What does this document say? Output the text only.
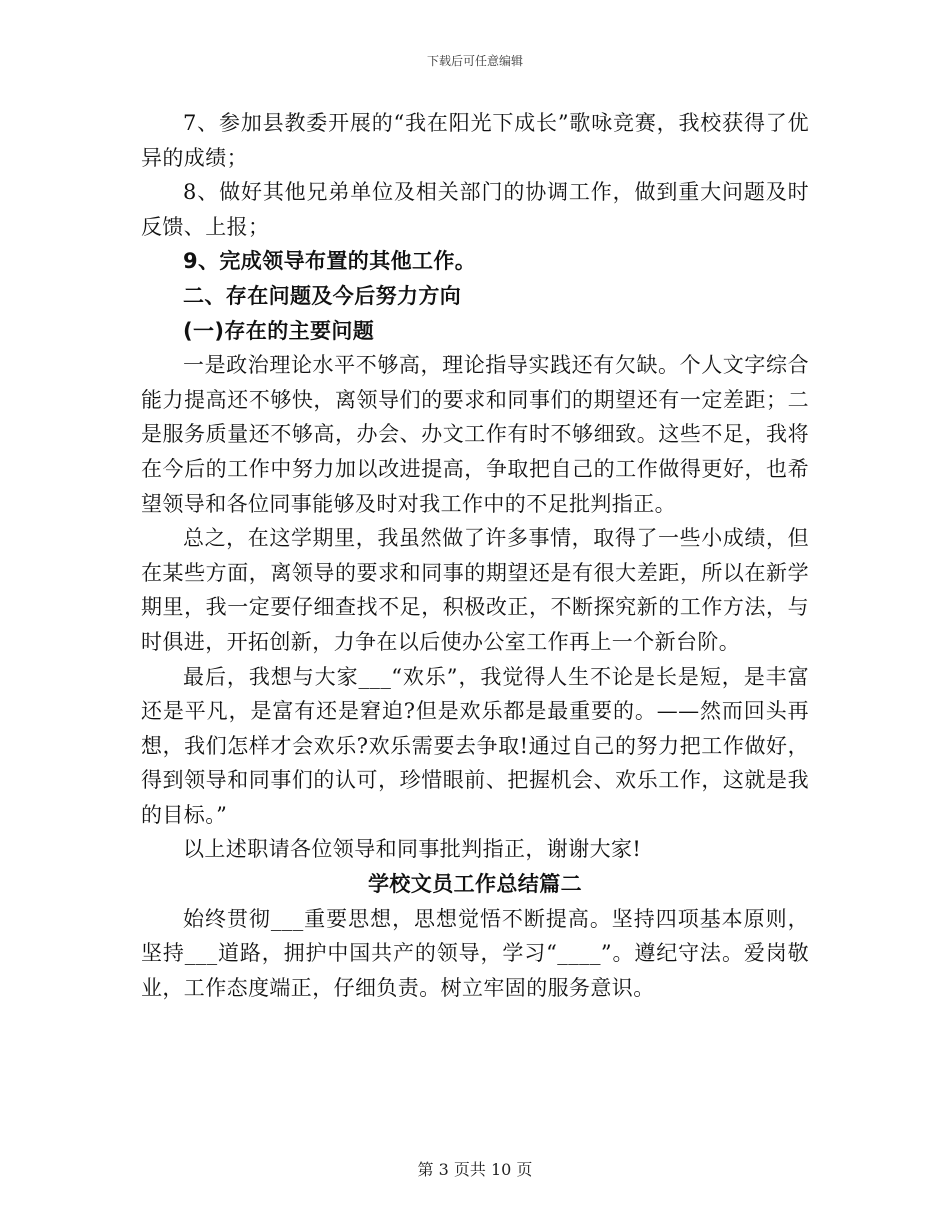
下载后可任意编辑

7、参加县教委开展的“我在阳光下成长”歌咏竞赛，我校获得了优异的成绩；

8、做好其他兄弟单位及相关部门的协调工作，做到重大问题及时反馈、上报；

9、完成领导布置的其他工作。

二、存在问题及今后努力方向

(一)存在的主要问题

一是政治理论水平不够高，理论指导实践还有欠缺。个人文字综合能力提高还不够快，离领导们的要求和同事们的期望还有一定差距；二是服务质量还不够高，办会、办文工作有时不够细致。这些不足，我将在今后的工作中努力加以改进提高，争取把自己的工作做得更好，也希望领导和各位同事能够及时对我工作中的不足批判指正。

总之，在这学期里，我虽然做了许多事情，取得了一些小成绩，但在某些方面，离领导的要求和同事的期望还是有很大差距，所以在新学期里，我一定要仔细查找不足，积极改正，不断探究新的工作方法，与时俱进，开拓创新，力争在以后使办公室工作再上一个新台阶。

最后，我想与大家___“欢乐”，我觉得人生不论是长是短，是丰富还是平凡，是富有还是窘迫?但是欢乐都是最重要的。——然而回头再想，我们怎样才会欢乐?欢乐需要去争取!通过自己的努力把工作做好，得到领导和同事们的认可，珍惜眼前、把握机会、欢乐工作，这就是我的目标。”

以上述职请各位领导和同事批判指正，谢谢大家!

学校文员工作总结篇二

始终贯彻___重要思想，思想觉悟不断提高。坚持四项基本原则，坚持___道路，拥护中国共产的领导，学习“____”。遵纪守法。爱岗敬业，工作态度端正，仔细负责。树立牢固的服务意识。

第 3 页共 10 页
